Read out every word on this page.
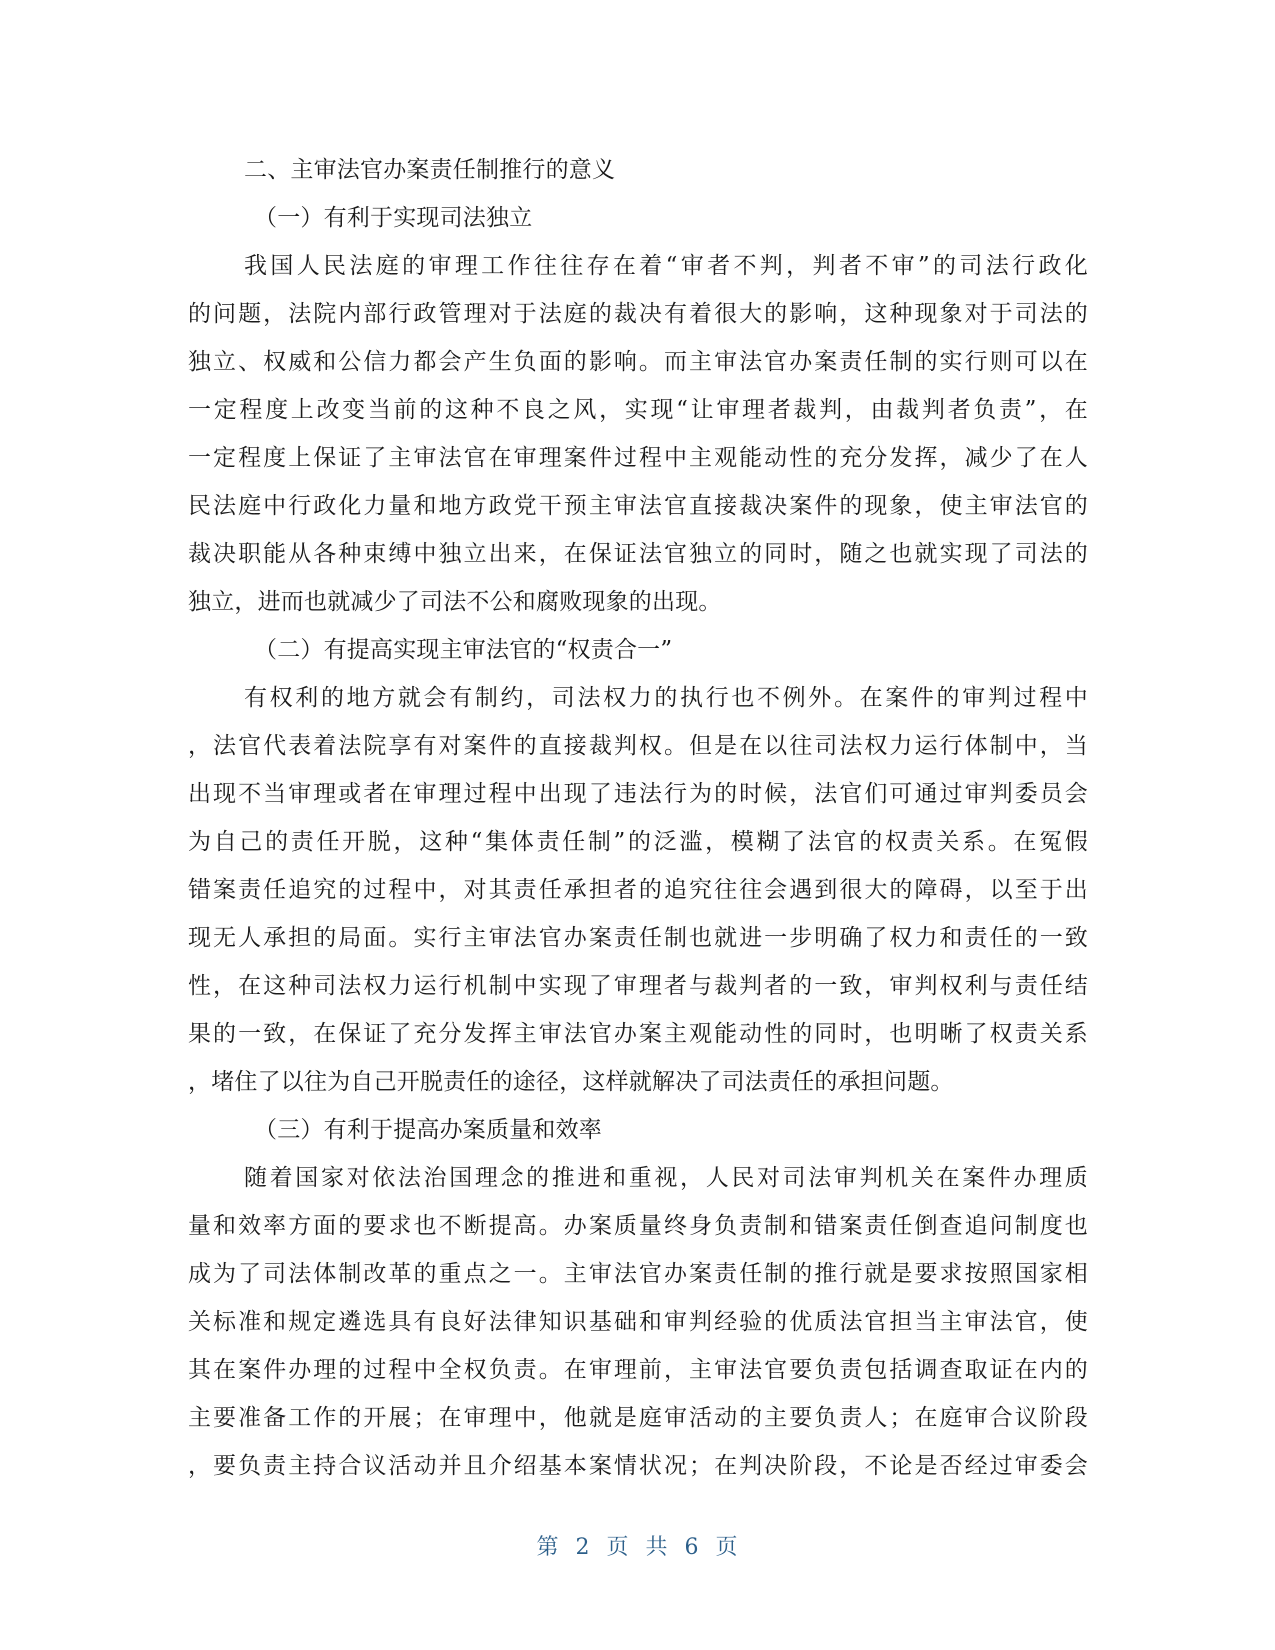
二、主审法官办案责任制推行的意义
（一）有利于实现司法独立
我国人民法庭的审理工作往往存在着“审者不判，判者不审”的司法行政化
的问题，法院内部行政管理对于法庭的裁决有着很大的影响，这种现象对于司法的
独立、权威和公信力都会产生负面的影响。而主审法官办案责任制的实行则可以在
一定程度上改变当前的这种不良之风，实现“让审理者裁判，由裁判者负责”，在
一定程度上保证了主审法官在审理案件过程中主观能动性的充分发挥，减少了在人
民法庭中行政化力量和地方政党干预主审法官直接裁决案件的现象，使主审法官的
裁决职能从各种束缚中独立出来，在保证法官独立的同时，随之也就实现了司法的
独立，进而也就减少了司法不公和腐败现象的出现。
（二）有提高实现主审法官的“权责合一”
有权利的地方就会有制约，司法权力的执行也不例外。在案件的审判过程中
，法官代表着法院享有对案件的直接裁判权。但是在以往司法权力运行体制中，当
出现不当审理或者在审理过程中出现了违法行为的时候，法官们可通过审判委员会
为自己的责任开脱，这种“集体责任制”的泛滥，模糊了法官的权责关系。在冤假
错案责任追究的过程中，对其责任承担者的追究往往会遇到很大的障碍，以至于出
现无人承担的局面。实行主审法官办案责任制也就进一步明确了权力和责任的一致
性，在这种司法权力运行机制中实现了审理者与裁判者的一致，审判权利与责任结
果的一致，在保证了充分发挥主审法官办案主观能动性的同时，也明晰了权责关系
，堵住了以往为自己开脱责任的途径，这样就解决了司法责任的承担问题。
（三）有利于提高办案质量和效率
随着国家对依法治国理念的推进和重视，人民对司法审判机关在案件办理质
量和效率方面的要求也不断提高。办案质量终身负责制和错案责任倒查追问制度也
成为了司法体制改革的重点之一。主审法官办案责任制的推行就是要求按照国家相
关标准和规定遴选具有良好法律知识基础和审判经验的优质法官担当主审法官，使
其在案件办理的过程中全权负责。在审理前，主审法官要负责包括调查取证在内的
主要准备工作的开展；在审理中，他就是庭审活动的主要负责人；在庭审合议阶段
，要负责主持合议活动并且介绍基本案情状况；在判决阶段，不论是否经过审委会
第 2 页 共 6 页
